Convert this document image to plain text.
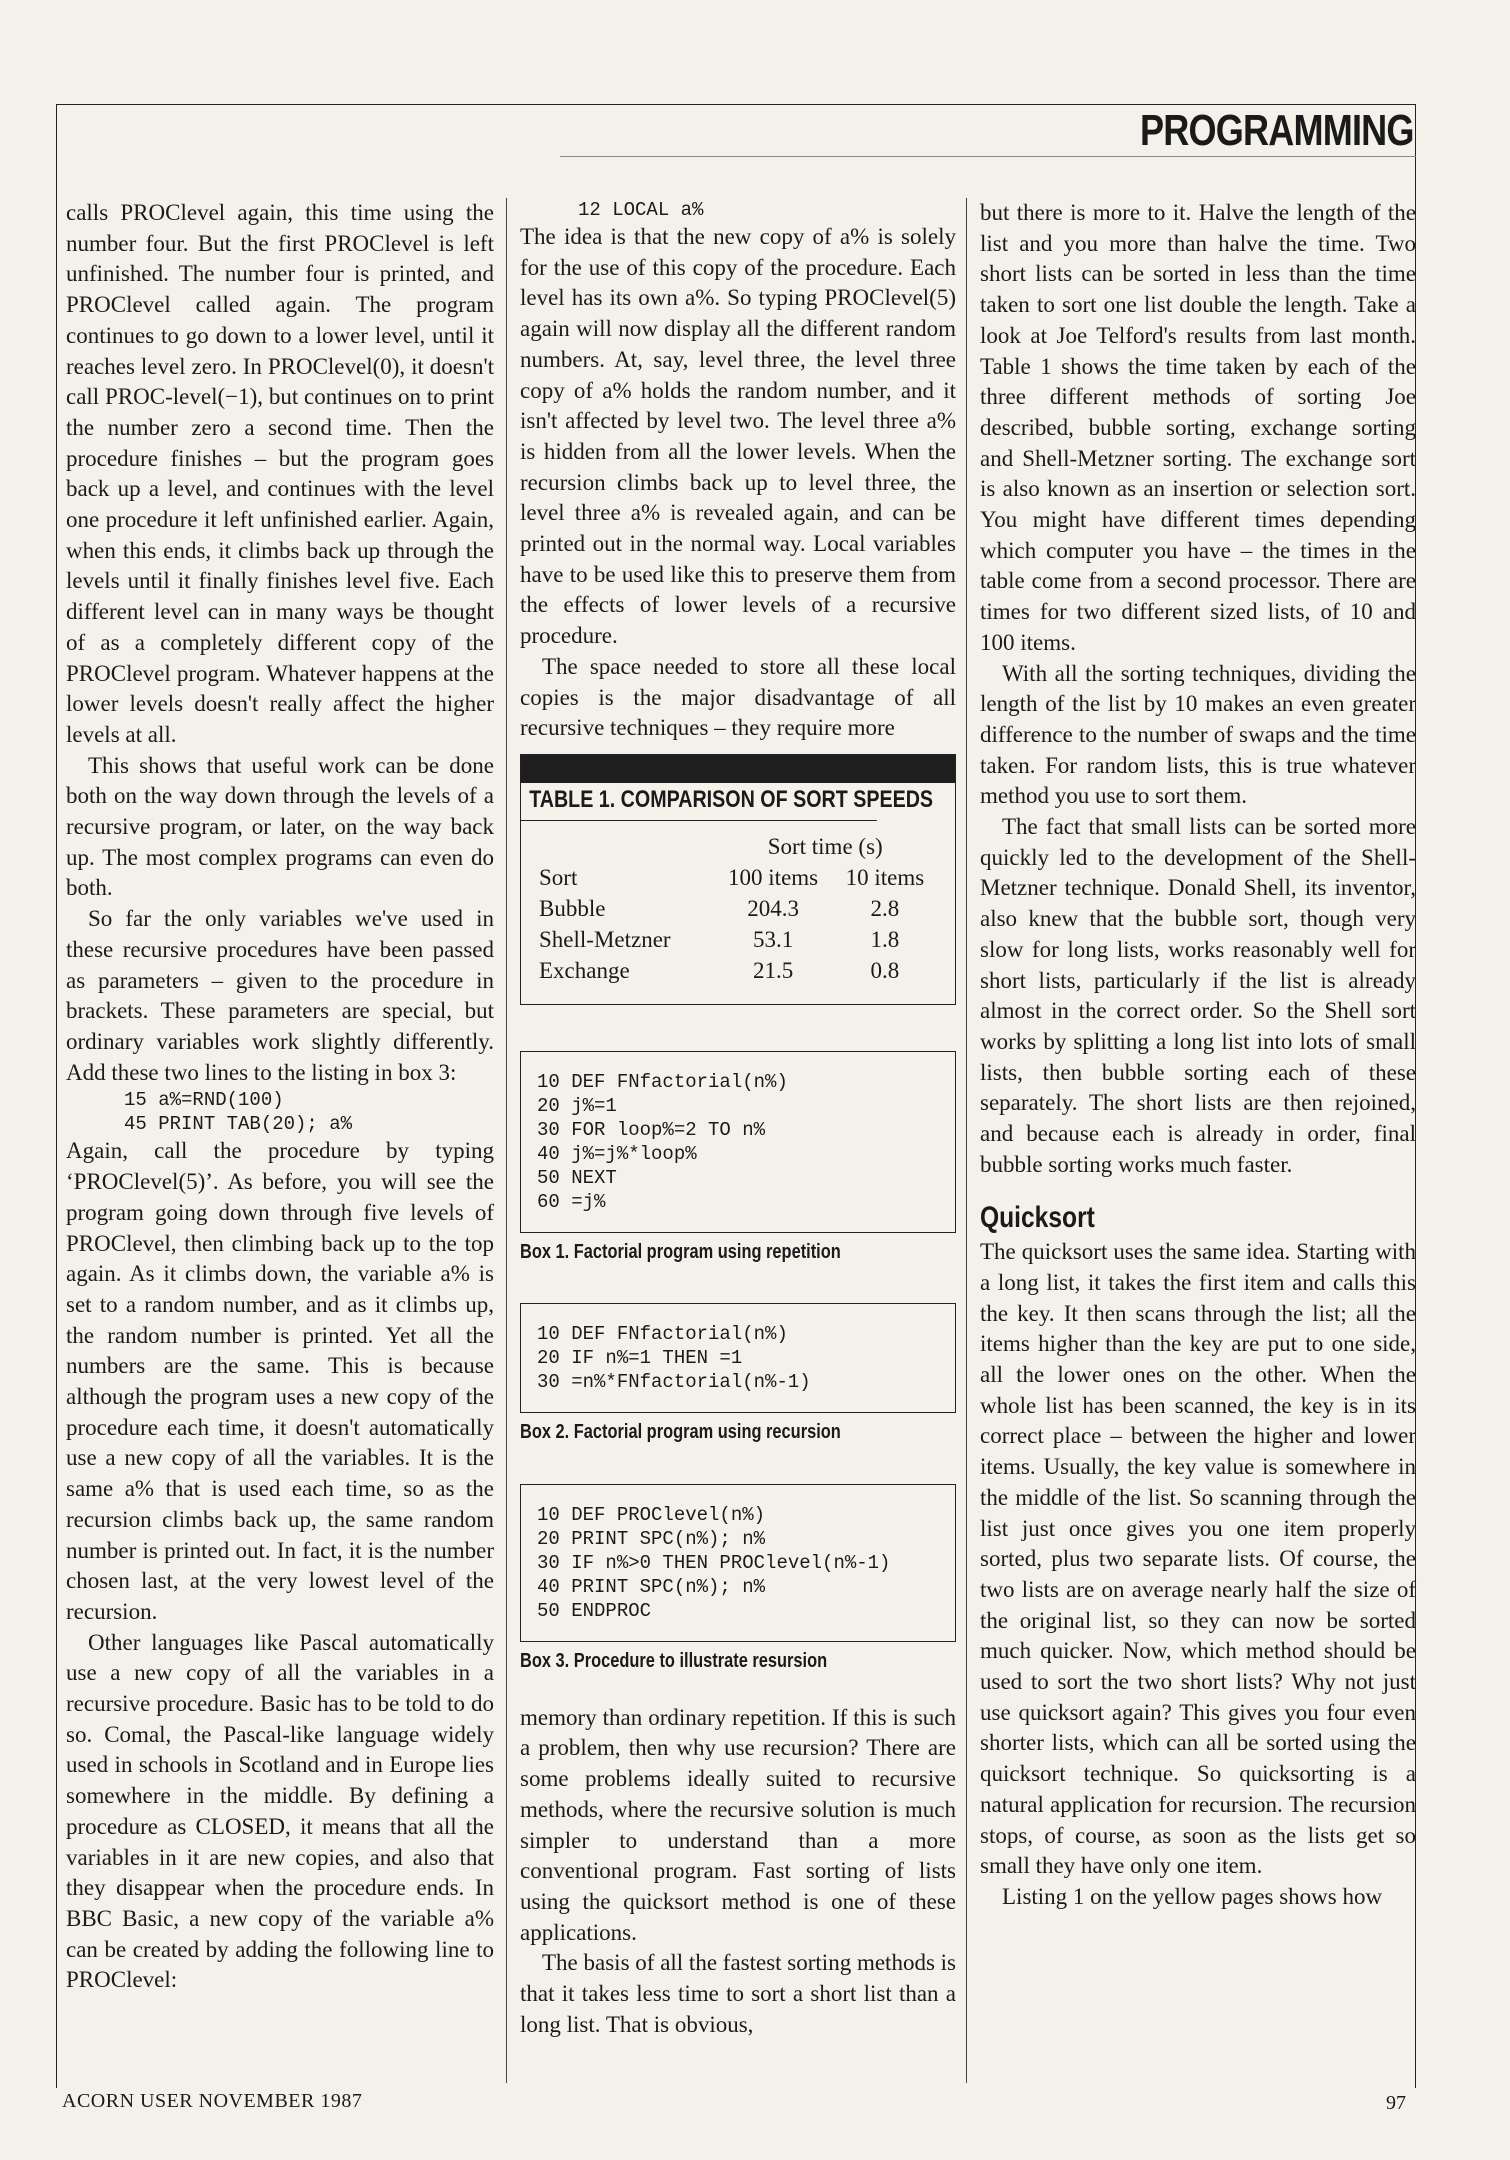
PROGRAMMING

calls PROClevel again, this time using the number four. But the first PROClevel is left unfinished. The number four is printed, and PROClevel called again. The program continues to go down to a lower level, until it reaches level zero. In PROClevel(0), it doesn't call PROC-level(−1), but continues on to print the number zero a second time. Then the procedure finishes – but the program goes back up a level, and continues with the level one procedure it left unfinished earlier. Again, when this ends, it climbs back up through the levels until it finally finishes level five. Each different level can in many ways be thought of as a completely different copy of the PROClevel program. Whatever happens at the lower levels doesn't really affect the higher levels at all.

This shows that useful work can be done both on the way down through the levels of a recursive program, or later, on the way back up. The most complex programs can even do both.

So far the only variables we've used in these recursive procedures have been passed as parameters – given to the procedure in brackets. These parameters are special, but ordinary variables work slightly differently. Add these two lines to the listing in box 3:

15 a%=RND(100)
45 PRINT TAB(20); a%

Again, call the procedure by typing ‘PROClevel(5)’. As before, you will see the program going down through five levels of PROClevel, then climbing back up to the top again. As it climbs down, the variable a% is set to a random number, and as it climbs up, the random number is printed. Yet all the numbers are the same. This is because although the program uses a new copy of the procedure each time, it doesn't automatically use a new copy of all the variables. It is the same a% that is used each time, so as the recursion climbs back up, the same random number is printed out. In fact, it is the number chosen last, at the very lowest level of the recursion.

Other languages like Pascal automatically use a new copy of all the variables in a recursive procedure. Basic has to be told to do so. Comal, the Pascal-like language widely used in schools in Scotland and in Europe lies somewhere in the middle. By defining a procedure as CLOSED, it means that all the variables in it are new copies, and also that they disappear when the procedure ends. In BBC Basic, a new copy of the variable a% can be created by adding the following line to PROClevel:

12 LOCAL a%

The idea is that the new copy of a% is solely for the use of this copy of the procedure. Each level has its own a%. So typing PROClevel(5) again will now display all the different random numbers. At, say, level three, the level three copy of a% holds the random number, and it isn't affected by level two. The level three a% is hidden from all the lower levels. When the recursion climbs back up to level three, the level three a% is revealed again, and can be printed out in the normal way. Local variables have to be used like this to preserve them from the effects of lower levels of a recursive procedure.

The space needed to store all these local copies is the major disadvantage of all recursive techniques – they require more

TABLE 1. COMPARISON OF SORT SPEEDS
	Sort time (s)	
Sort	100 items	10 items
Bubble	204.3	2.8
Shell-Metzner	53.1	1.8
Exchange	21.5	0.8
10 DEF FNfactorial(n%)
20 j%=1
30 FOR loop%=2 TO n%
40 j%=j%*loop%
50 NEXT
60 =j%
Box 1. Factorial program using repetition
10 DEF FNfactorial(n%)
20 IF n%=1 THEN =1
30 =n%*FNfactorial(n%-1)
Box 2. Factorial program using recursion
10 DEF PROClevel(n%)
20 PRINT SPC(n%); n%
30 IF n%>0 THEN PROClevel(n%-1)
40 PRINT SPC(n%); n%
50 ENDPROC
Box 3. Procedure to illustrate resursion

memory than ordinary repetition. If this is such a problem, then why use recursion? There are some problems ideally suited to recursive methods, where the recursive solution is much simpler to understand than a more conventional program. Fast sorting of lists using the quicksort method is one of these applications.

The basis of all the fastest sorting methods is that it takes less time to sort a short list than a long list. That is obvious,

but there is more to it. Halve the length of the list and you more than halve the time. Two short lists can be sorted in less than the time taken to sort one list double the length. Take a look at Joe Telford's results from last month. Table 1 shows the time taken by each of the three different methods of sorting Joe described, bubble sorting, exchange sorting and Shell-Metzner sorting. The exchange sort is also known as an insertion or selection sort. You might have different times depending which computer you have – the times in the table come from a second processor. There are times for two different sized lists, of 10 and 100 items.

With all the sorting techniques, dividing the length of the list by 10 makes an even greater difference to the number of swaps and the time taken. For random lists, this is true whatever method you use to sort them.

The fact that small lists can be sorted more quickly led to the development of the Shell-Metzner technique. Donald Shell, its inventor, also knew that the bubble sort, though very slow for long lists, works reasonably well for short lists, particularly if the list is already almost in the correct order. So the Shell sort works by splitting a long list into lots of small lists, then bubble sorting each of these separately. The short lists are then rejoined, and because each is already in order, final bubble sorting works much faster.

Quicksort

The quicksort uses the same idea. Starting with a long list, it takes the first item and calls this the key. It then scans through the list; all the items higher than the key are put to one side, all the lower ones on the other. When the whole list has been scanned, the key is in its correct place – between the higher and lower items. Usually, the key value is somewhere in the middle of the list. So scanning through the list just once gives you one item properly sorted, plus two separate lists. Of course, the two lists are on average nearly half the size of the original list, so they can now be sorted much quicker. Now, which method should be used to sort the two short lists? Why not just use quicksort again? This gives you four even shorter lists, which can all be sorted using the quicksort technique. So quicksorting is a natural application for recursion. The recursion stops, of course, as soon as the lists get so small they have only one item.

Listing 1 on the yellow pages shows how

ACORN USER NOVEMBER 1987	97
